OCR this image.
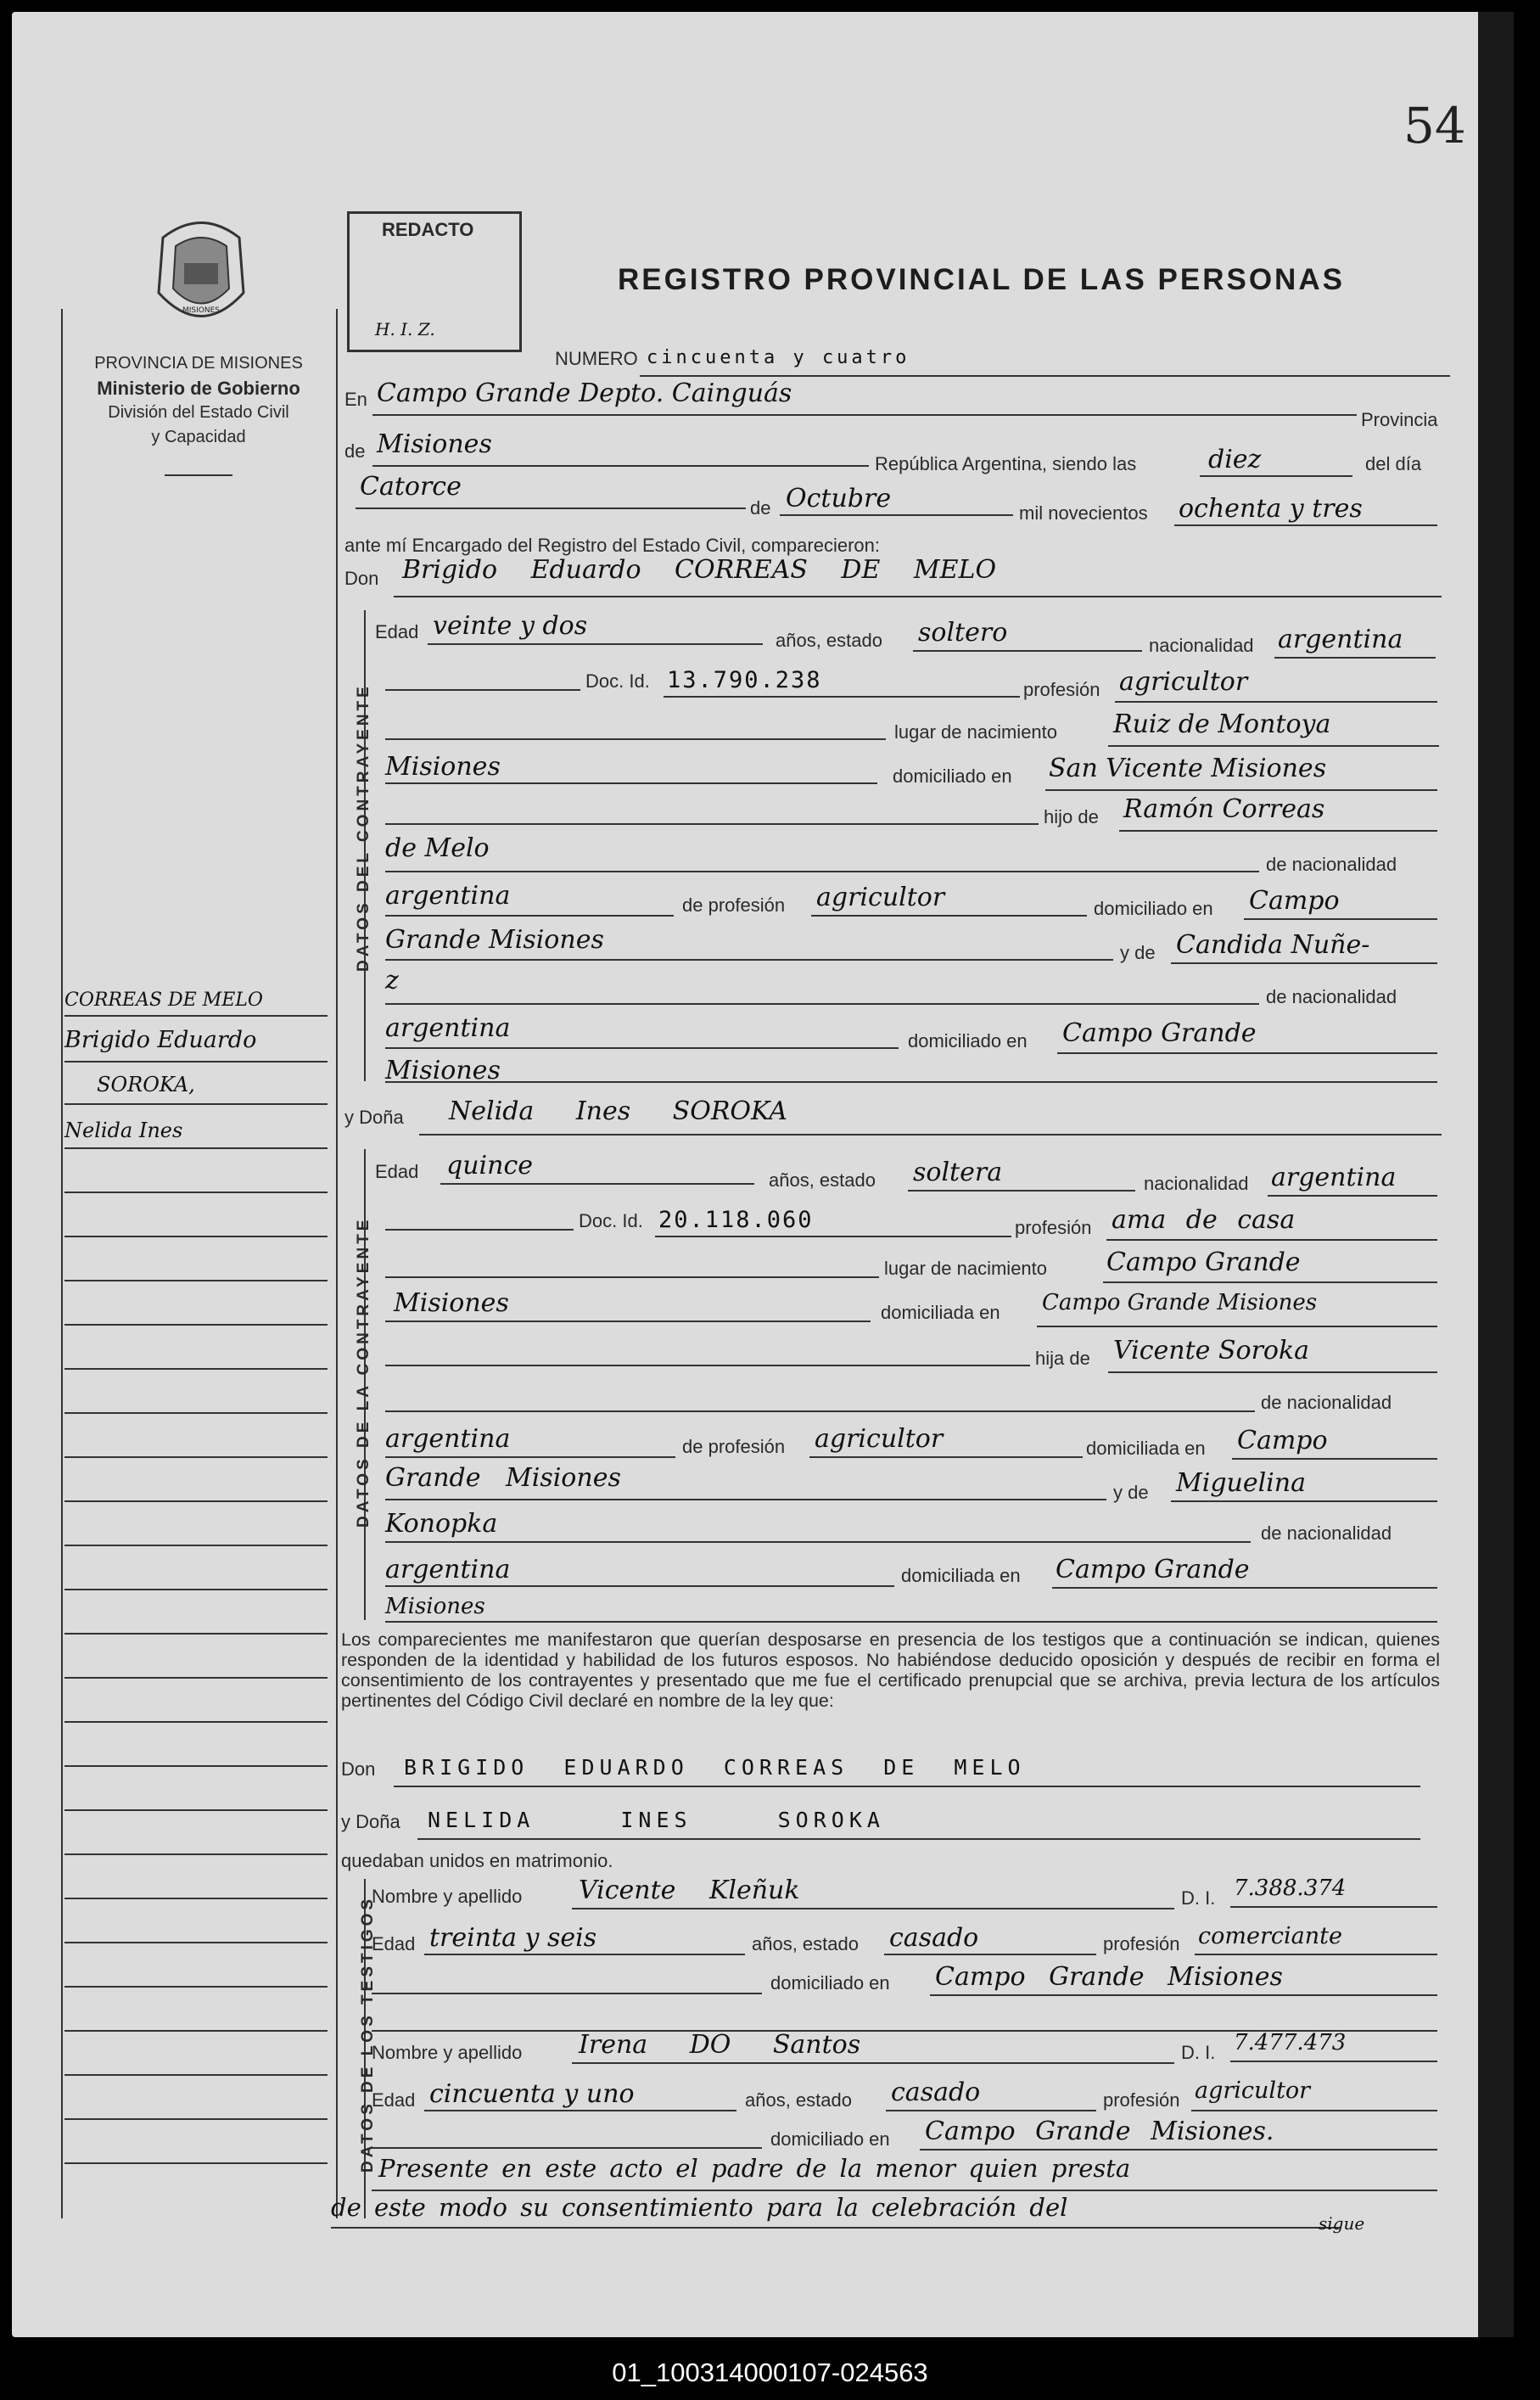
54
MISIONES
PROVINCIA DE MISIONES
Ministerio de Gobierno
División del Estado Civil
y Capacidad
REDACTO
H. I. Z.
REGISTRO PROVINCIAL DE LAS PERSONAS
NUMERO cincuenta y cuatro
En Campo Grande Depto. Cainguás
Provincia
de Misiones
República Argentina, siendo las	diez	del día
Catorce
de Octubre	mil novecientos ochenta y tres
ante mí Encargado del Registro del Estado Civil, comparecieron:
Don Brigido Eduardo CORREAS DE MELO
DATOS DEL CONTRAYENTE
Edad veinte y dos	años, estado soltero	nacionalidad argentina
Doc. Id. 13.790.238	profesión agricultor
lugar de nacimiento Ruiz de Montoya
Misiones	domiciliado en San Vicente Misiones
hijo de Ramón Correas
de Melo
de nacionalidad
argentina	de profesión agricultor	domiciliado en Campo
Grande Misiones	y de Candida Nuñe-
z
de nacionalidad
argentina	domiciliado en Campo Grande
Misiones
CORREAS DE MELO
Brigido Eduardo
SOROKA,
Nelida Ines
y Doña Nelida Ines SOROKA
DATOS DE LA CONTRAYENTE
Edad quince	años, estado soltera	nacionalidad argentina
Doc. Id. 20.118.060	profesión ama de casa
lugar de nacimiento Campo Grande
Misiones	domiciliada en Campo Grande Misiones
hija de Vicente Soroka
de nacionalidad
argentina	de profesión agricultor	domiciliada en Campo
Grande Misiones	y de Miguelina
Konopka	de nacionalidad
argentina	domiciliada en Campo Grande
Misiones
Los comparecientes me manifestaron que querían desposarse en presencia de los testigos que a continuación se indican, quienes responden de la identidad y habilidad de los futuros esposos. No habiéndose deducido oposición y después de recibir en forma el consentimiento de los contrayentes y presentado que me fue el certificado prenupcial que se archiva, previa lectura de los artículos pertinentes del Código Civil declaré en nombre de la ley que:
Don BRIGIDO EDUARDO CORREAS DE MELO
y Doña NELIDA INES SOROKA
quedaban unidos en matrimonio.
DATOS DE LOS TESTIGOS
Nombre y apellido Vicente Kleñuk	D. I. 7.388.374
Edad treinta y seis	años, estado casado	profesión comerciante
domiciliado en Campo Grande Misiones
Nombre y apellido Irena DO Santos	D. I. 7.477.473
Edad cincuenta y uno	años, estado casado	profesión agricultor
domiciliado en Campo Grande Misiones.
Presente en este acto el padre de la menor quien presta
de este modo su consentimiento para la celebración del
sigue
01_100314000107-024563
